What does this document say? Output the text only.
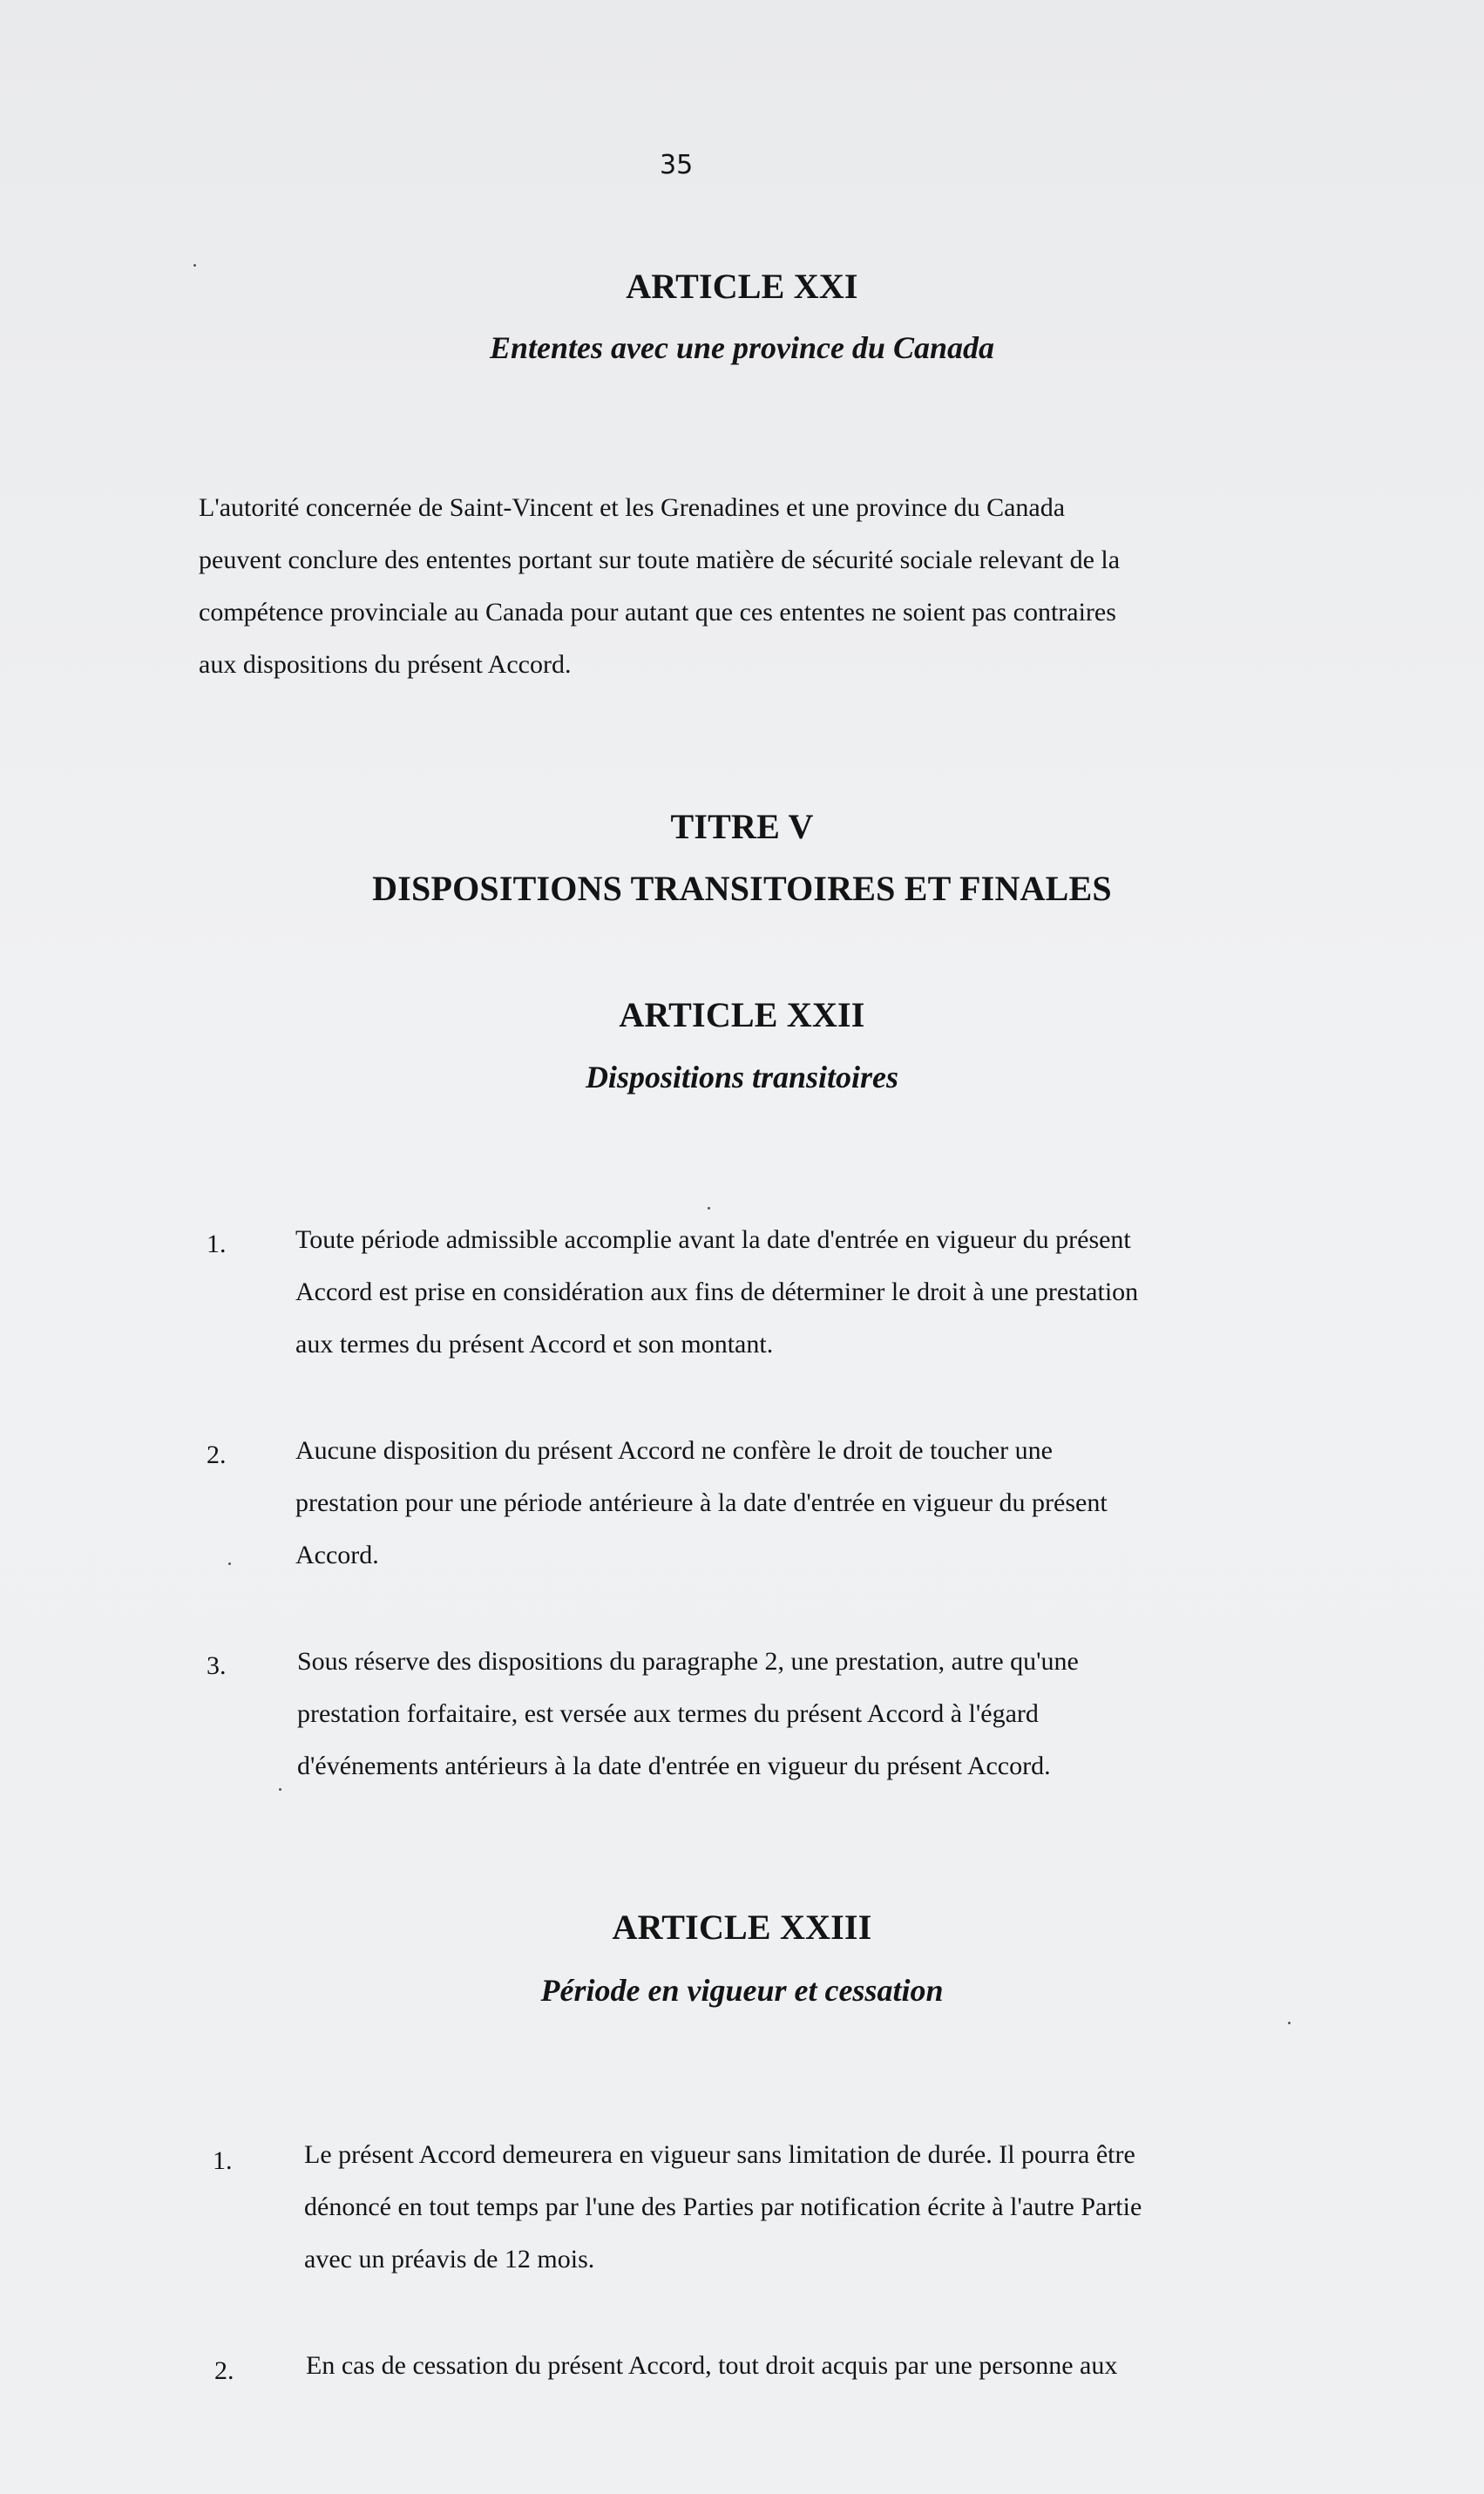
​
35
ARTICLE XXI
Ententes avec une province du Canada
L'autorité concernée de Saint-Vincent et les Grenadines et une province du Canada
peuvent conclure des ententes portant sur toute matière de sécurité sociale relevant de la
compétence provinciale au Canada pour autant que ces ententes ne soient pas contraires
aux dispositions du présent Accord.
TITRE V
DISPOSITIONS TRANSITOIRES ET FINALES
ARTICLE XXII
Dispositions transitoires
1.	Toute période admissible accomplie avant la date d'entrée en vigueur du présent
Accord est prise en considération aux fins de déterminer le droit à une prestation
aux termes du présent Accord et son montant.
2.	Aucune disposition du présent Accord ne confère le droit de toucher une
prestation pour une période antérieure à la date d'entrée en vigueur du présent
Accord.
3.	Sous réserve des dispositions du paragraphe 2, une prestation, autre qu'une
prestation forfaitaire, est versée aux termes du présent Accord à l'égard
d'événements antérieurs à la date d'entrée en vigueur du présent Accord.
ARTICLE XXIII
Période en vigueur et cessation
1.	Le présent Accord demeurera en vigueur sans limitation de durée. Il pourra être
dénoncé en tout temps par l'une des Parties par notification écrite à l'autre Partie
avec un préavis de 12 mois.
2.	En cas de cessation du présent Accord, tout droit acquis par une personne aux
